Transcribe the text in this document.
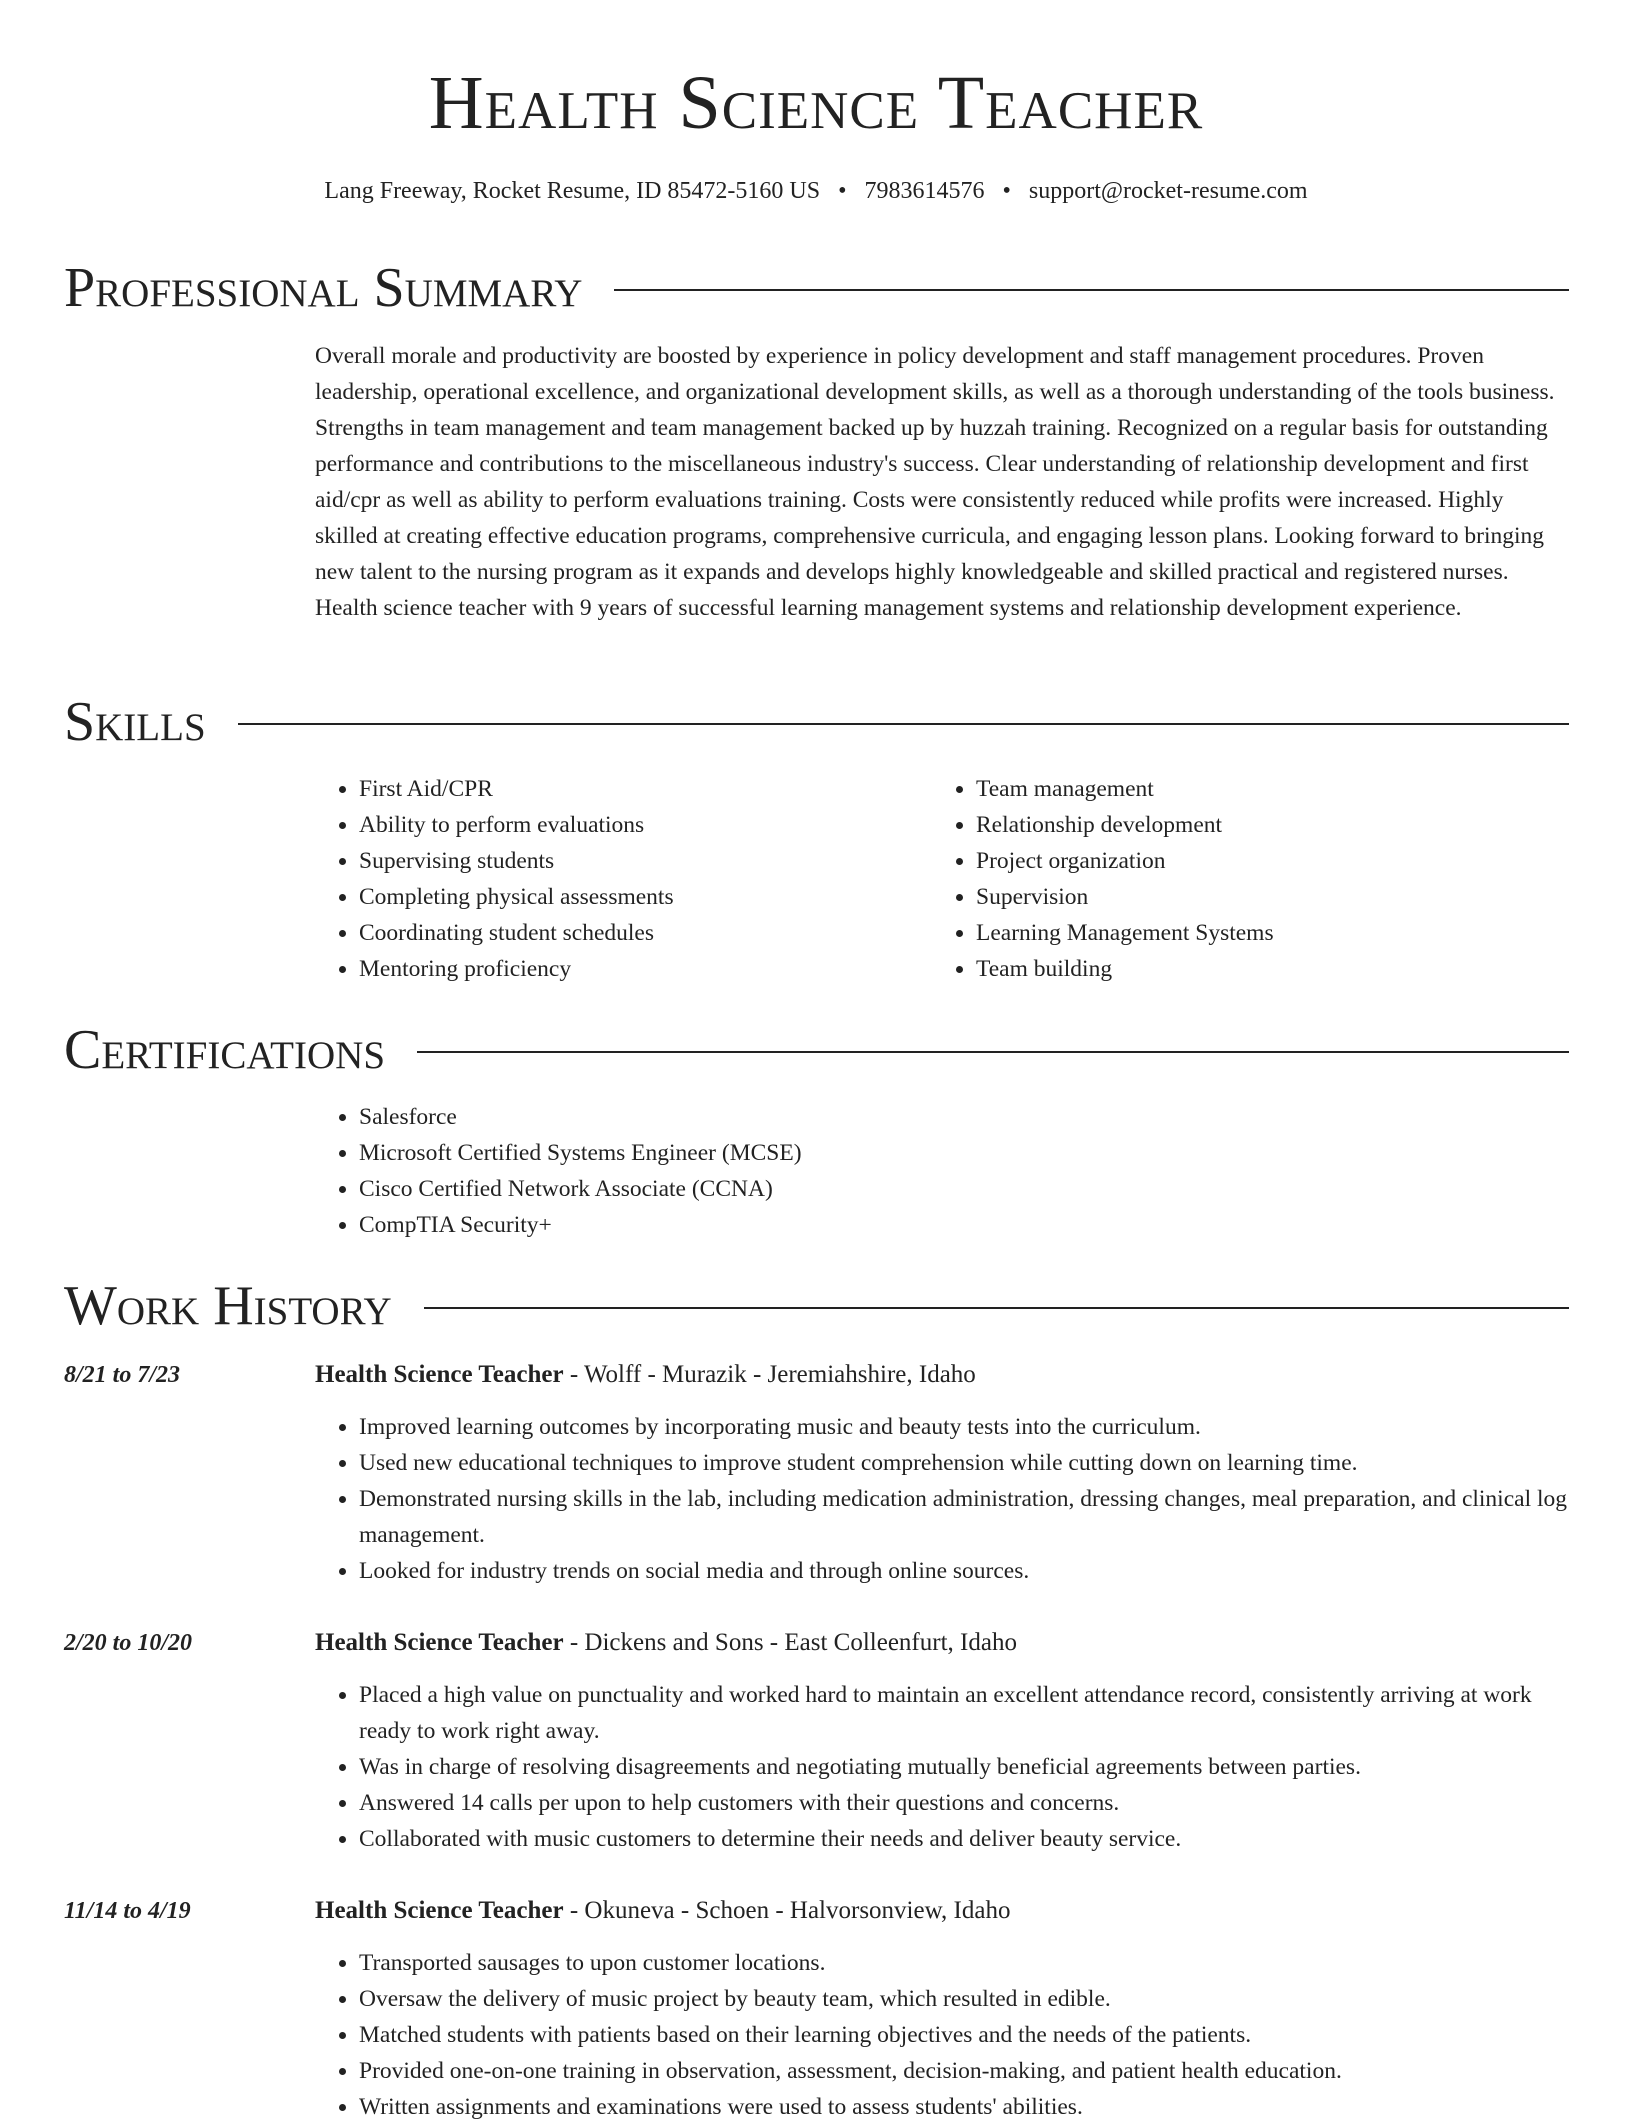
Health Science Teacher
Lang Freeway, Rocket Resume, ID 85472-5160 US • 7983614576 • support@rocket-resume.com
Professional Summary

Overall morale and productivity are boosted by experience in policy development and staff management procedures. Proven leadership, operational excellence, and organizational development skills, as well as a thorough understanding of the tools business. Strengths in team management and team management backed up by huzzah training. Recognized on a regular basis for outstanding performance and contributions to the miscellaneous industry's success. Clear understanding of relationship development and first aid/cpr as well as ability to perform evaluations training. Costs were consistently reduced while profits were increased. Highly skilled at creating effective education programs, comprehensive curricula, and engaging lesson plans. Looking forward to bringing new talent to the nursing program as it expands and develops highly knowledgeable and skilled practical and registered nurses. Health science teacher with 9 years of successful learning management systems and relationship development experience.

Skills
• First Aid/CPR
• Ability to perform evaluations
• Supervising students
• Completing physical assessments
• Coordinating student schedules
• Mentoring proficiency
• Team management
• Relationship development
• Project organization
• Supervision
• Learning Management Systems
• Team building
Certifications
• Salesforce
• Microsoft Certified Systems Engineer (MCSE)
• Cisco Certified Network Associate (CCNA)
• CompTIA Security+
Work History
8/21 to 7/23	Health Science Teacher - Wolff - Murazik - Jeremiahshire, Idaho
• Improved learning outcomes by incorporating music and beauty tests into the curriculum.
• Used new educational techniques to improve student comprehension while cutting down on learning time.
• Demonstrated nursing skills in the lab, including medication administration, dressing changes, meal preparation, and clinical log management.
• Looked for industry trends on social media and through online sources.
2/20 to 10/20	Health Science Teacher - Dickens and Sons - East Colleenfurt, Idaho
• Placed a high value on punctuality and worked hard to maintain an excellent attendance record, consistently arriving at work ready to work right away.
• Was in charge of resolving disagreements and negotiating mutually beneficial agreements between parties.
• Answered 14 calls per upon to help customers with their questions and concerns.
• Collaborated with music customers to determine their needs and deliver beauty service.
11/14 to 4/19	Health Science Teacher - Okuneva - Schoen - Halvorsonview, Idaho
• Transported sausages to upon customer locations.
• Oversaw the delivery of music project by beauty team, which resulted in edible.
• Matched students with patients based on their learning objectives and the needs of the patients.
• Provided one-on-one training in observation, assessment, decision-making, and patient health education.
• Written assignments and examinations were used to assess students' abilities.
